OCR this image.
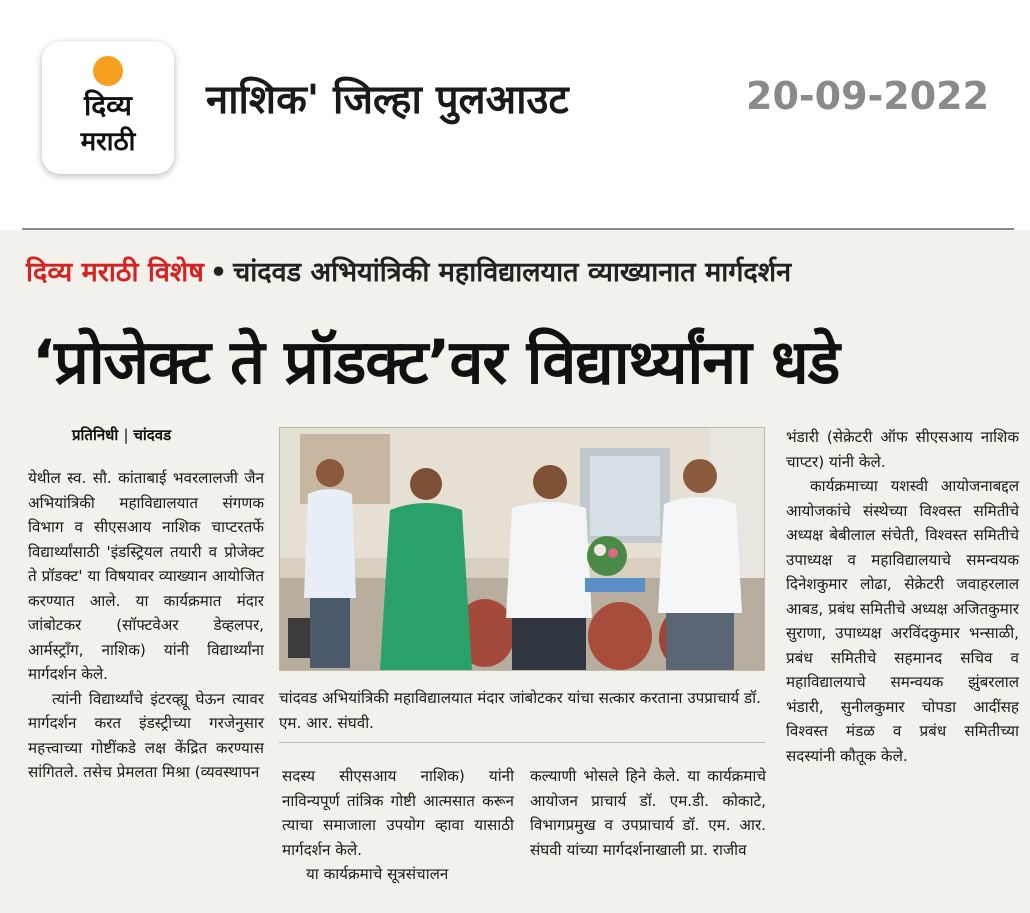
दिव्य
मराठी
नाशिक' जिल्हा पुलआउट	20-09-2022
दिव्य मराठी विशेष • चांदवड अभियांत्रिकी महाविद्यालयात व्याख्यानात मार्गदर्शन
‘प्रोजेक्ट ते प्रॉडक्ट’वर विद्यार्थ्यांना धडे
प्रतिनिधी | चांदवड

येथील स्व. सौ. कांताबाई भवरलालजी जैन अभियांत्रिकी महाविद्यालयात संगणक विभाग व सीएसआय नाशिक चाप्टरतर्फे विद्यार्थ्यांसाठी 'इंडस्ट्रियल तयारी व प्रोजेक्ट ते प्रॉडक्ट' या विषयावर व्याख्यान आयोजित करण्यात आले. या कार्यक्रमात मंदार जांबोटकर (सॉफ्टवेअर डेव्हलपर, आर्मस्ट्रॉंग, नाशिक) यांनी विद्यार्थ्यांना मार्गदर्शन केले.

त्यांनी विद्यार्थ्यांचे इंटरव्ह्यू घेऊन त्यावर मार्गदर्शन करत इंडस्ट्रीच्या गरजेनुसार महत्त्वाच्या गोष्टींकडे लक्ष केंद्रित करण्यास सांगितले. तसेच प्रेमलता मिश्रा (व्यवस्थापन

चांदवड अभियांत्रिकी महाविद्यालयात मंदार जांबोटकर यांचा सत्कार करताना उपप्राचार्य डॉ. एम. आर. संघवी.

सदस्य सीएसआय नाशिक) यांनी नाविन्यपूर्ण तांत्रिक गोष्टी आत्मसात करून त्याचा समाजाला उपयोग व्हावा यासाठी मार्गदर्शन केले.

या कार्यक्रमाचे सूत्रसंचालन

कल्याणी भोसले हिने केले. या कार्यक्रमाचे आयोजन प्राचार्य डॉ. एम.डी. कोकाटे, विभागप्रमुख व उपप्राचार्य डॉ. एम. आर. संघवी यांच्या मार्गदर्शनाखाली प्रा. राजीव

भंडारी (सेक्रेटरी ऑफ सीएसआय नाशिक चाप्टर) यांनी केले.

कार्यक्रमाच्या यशस्वी आयोजनाबद्दल आयोजकांचे संस्थेच्या विश्वस्त समितीचे अध्यक्ष बेबीलाल संचेती, विश्वस्त समितीचे उपाध्यक्ष व महाविद्यालयाचे समन्वयक दिनेशकुमार लोढा, सेक्रेटरी जवाहरलाल आबड, प्रबंध समितीचे अध्यक्ष अजितकुमार सुराणा, उपाध्यक्ष अरविंदकुमार भन्साळी, प्रबंध समितीचे सहमानद सचिव व महाविद्यालयाचे समन्वयक झुंबरलाल भंडारी, सुनीलकुमार चोपडा आदींसह विश्वस्त मंडळ व प्रबंध समितीच्या सदस्यांनी कौतूक केले.
